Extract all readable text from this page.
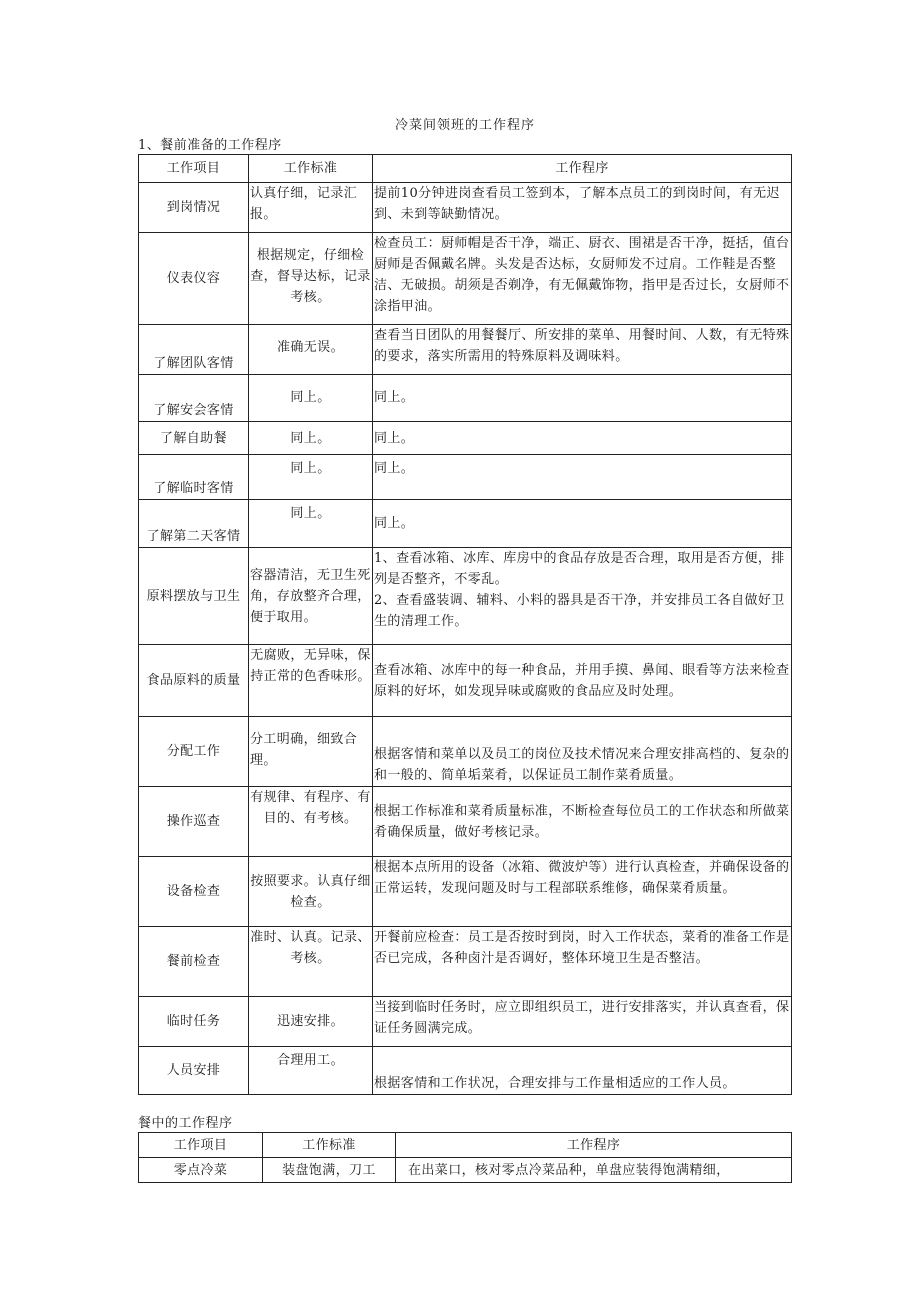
冷菜间领班的工作程序
1、餐前准备的工作程序
工作项目	工作标准	工作程序
到岗情况	认真仔细，记录汇报。	提前10分钟进岗查看员工签到本，了解本点员工的到岗时间，有无迟到、未到等缺勤情况。
仪表仪容	根据规定，仔细检查，督导达标，记录考核。	检查员工：厨师帽是否干净，端正、厨衣、围裙是否干净，挺括，值台厨师是否佩戴名牌。头发是否达标，女厨师发不过肩。工作鞋是否整洁、无破损。胡须是否剃净，有无佩戴饰物，指甲是否过长，女厨师不涂指甲油。
了解团队客情	准确无误。	查看当日团队的用餐餐厅、所安排的菜单、用餐时间、人数，有无特殊的要求，落实所需用的特殊原料及调味料。
了解安会客情	同上。	同上。
了解自助餐	同上。	同上。
了解临时客情	同上。	同上。
了解第二天客情	同上。	同上。
原料摆放与卫生	容器清洁，无卫生死角，存放整齐合理，便于取用。	1、查看冰箱、冰库、库房中的食品存放是否合理，取用是否方便，排列是否整齐，不零乱。
2、查看盛装调、辅料、小料的器具是否干净，并安排员工各自做好卫生的清理工作。
食品原料的质量	无腐败，无异味，保持正常的色香味形。	查看冰箱、冰库中的每一种食品，并用手摸、鼻闻、眼看等方法来检查原料的好坏，如发现异味或腐败的食品应及时处理。
分配工作	分工明确，细致合理。	根据客情和菜单以及员工的岗位及技术情况来合理安排高档的、复杂的和一般的、简单垢菜肴，以保证员工制作菜肴质量。
操作巡查	有规律、有程序、有目的、有考核。	根据工作标准和菜肴质量标准，不断检查每位员工的工作状态和所做菜肴确保质量，做好考核记录。
设备检查	按照要求。认真仔细检查。	根据本点所用的设备（冰箱、微波炉等）进行认真检查，并确保设备的正常运转，发现问题及时与工程部联系维修，确保菜肴质量。
餐前检查	准时、认真。记录、考核。	开餐前应检查：员工是否按时到岗，时入工作状态，菜肴的准备工作是否已完成，各种卤汁是否调好，整体环境卫生是否整洁。
临时任务	迅速安排。	当接到临时任务时，应立即组织员工，进行安排落实，并认真查看，保证任务圆满完成。
人员安排	合理用工。	根据客情和工作状况，合理安排与工作量相适应的工作人员。
餐中的工作程序
工作项目	工作标准	工作程序
零点冷菜	装盘饱满，刀工	在出菜口，核对零点冷菜品种，单盘应装得饱满精细，
